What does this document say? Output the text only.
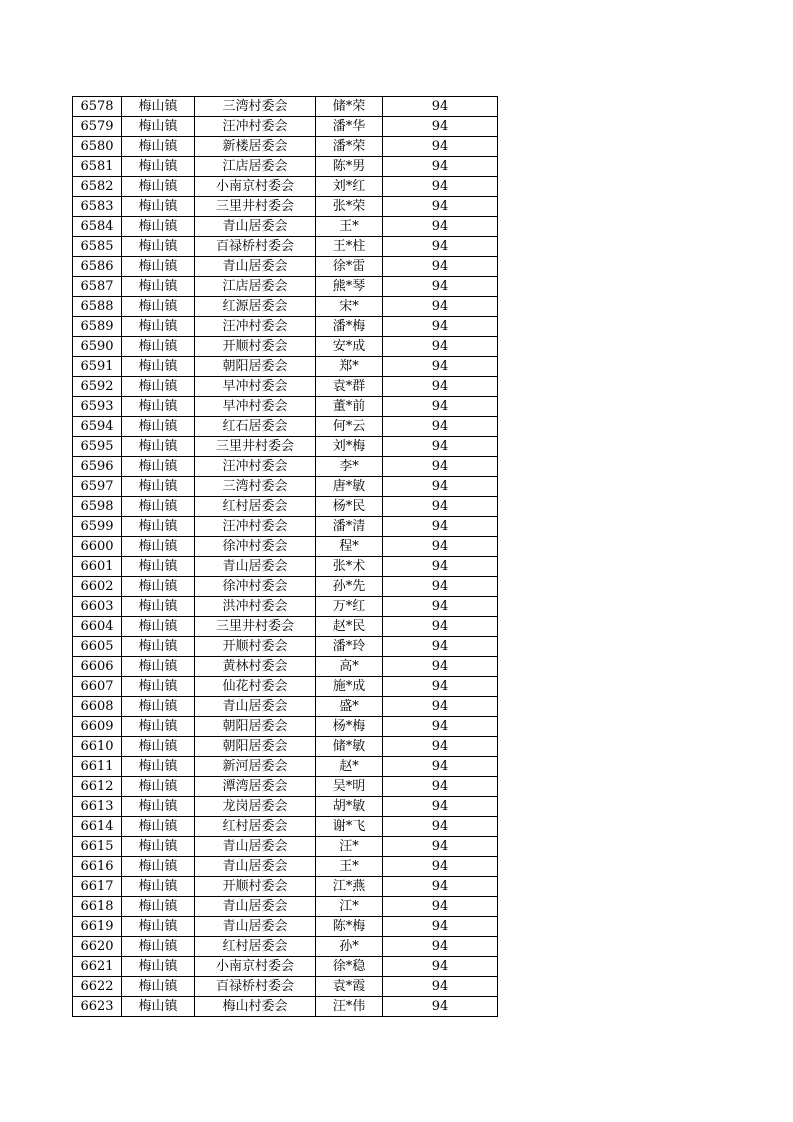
6578	梅山镇	三湾村委会	储*荣	94
6579	梅山镇	汪冲村委会	潘*华	94
6580	梅山镇	新楼居委会	潘*荣	94
6581	梅山镇	江店居委会	陈*男	94
6582	梅山镇	小南京村委会	刘*红	94
6583	梅山镇	三里井村委会	张*荣	94
6584	梅山镇	青山居委会	王*	94
6585	梅山镇	百禄桥村委会	王*柱	94
6586	梅山镇	青山居委会	徐*雷	94
6587	梅山镇	江店居委会	熊*琴	94
6588	梅山镇	红源居委会	宋*	94
6589	梅山镇	汪冲村委会	潘*梅	94
6590	梅山镇	开顺村委会	安*成	94
6591	梅山镇	朝阳居委会	郑*	94
6592	梅山镇	早冲村委会	袁*群	94
6593	梅山镇	早冲村委会	董*前	94
6594	梅山镇	红石居委会	何*云	94
6595	梅山镇	三里井村委会	刘*梅	94
6596	梅山镇	汪冲村委会	李*	94
6597	梅山镇	三湾村委会	唐*敏	94
6598	梅山镇	红村居委会	杨*民	94
6599	梅山镇	汪冲村委会	潘*清	94
6600	梅山镇	徐冲村委会	程*	94
6601	梅山镇	青山居委会	张*术	94
6602	梅山镇	徐冲村委会	孙*先	94
6603	梅山镇	洪冲村委会	万*红	94
6604	梅山镇	三里井村委会	赵*民	94
6605	梅山镇	开顺村委会	潘*玲	94
6606	梅山镇	黄林村委会	高*	94
6607	梅山镇	仙花村委会	施*成	94
6608	梅山镇	青山居委会	盛*	94
6609	梅山镇	朝阳居委会	杨*梅	94
6610	梅山镇	朝阳居委会	储*敏	94
6611	梅山镇	新河居委会	赵*	94
6612	梅山镇	潭湾居委会	吴*明	94
6613	梅山镇	龙岗居委会	胡*敏	94
6614	梅山镇	红村居委会	谢*飞	94
6615	梅山镇	青山居委会	汪*	94
6616	梅山镇	青山居委会	王*	94
6617	梅山镇	开顺村委会	江*燕	94
6618	梅山镇	青山居委会	江*	94
6619	梅山镇	青山居委会	陈*梅	94
6620	梅山镇	红村居委会	孙*	94
6621	梅山镇	小南京村委会	徐*稳	94
6622	梅山镇	百禄桥村委会	袁*霞	94
6623	梅山镇	梅山村委会	汪*伟	94
